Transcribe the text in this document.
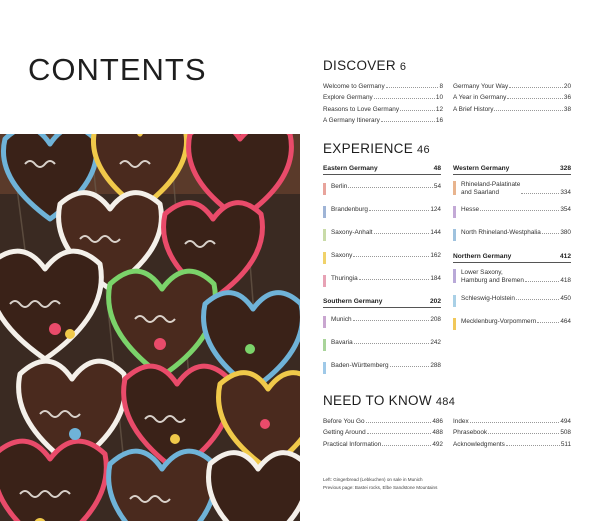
CONTENTS	DISCOVER 6
Welcome to Germany	8
Explore Germany	10
Reasons to Love Germany	12
A Germany Itinerary	16
Germany Your Way	20
A Year in Germany	36
A Brief History	38
EXPERIENCE 46
Eastern Germany	48
Berlin	54
Brandenburg	124
Saxony-Anhalt	144
Saxony	162
Thuringia	184
Southern Germany	202
Munich	208
Bavaria	242
Baden-Württemberg	288
Western Germany	328
Rhineland-Palatinate
and Saarland	334
Hesse	354
North Rhineland-Westphalia	380
Northern Germany	412
Lower Saxony,
Hamburg and Bremen	418
Schleswig-Holstein	450
Mecklenburg-Vorpommern	464
NEED TO KNOW 484
Before You Go	486
Getting Around	488
Practical Information	492
Index	494
Phrasebook	508
Acknowledgments	511
Left: Gingerbread (Lebkuchen) on sale in Munich
Previous page: Bastei rocks, Elbe Sandstone Mountains
